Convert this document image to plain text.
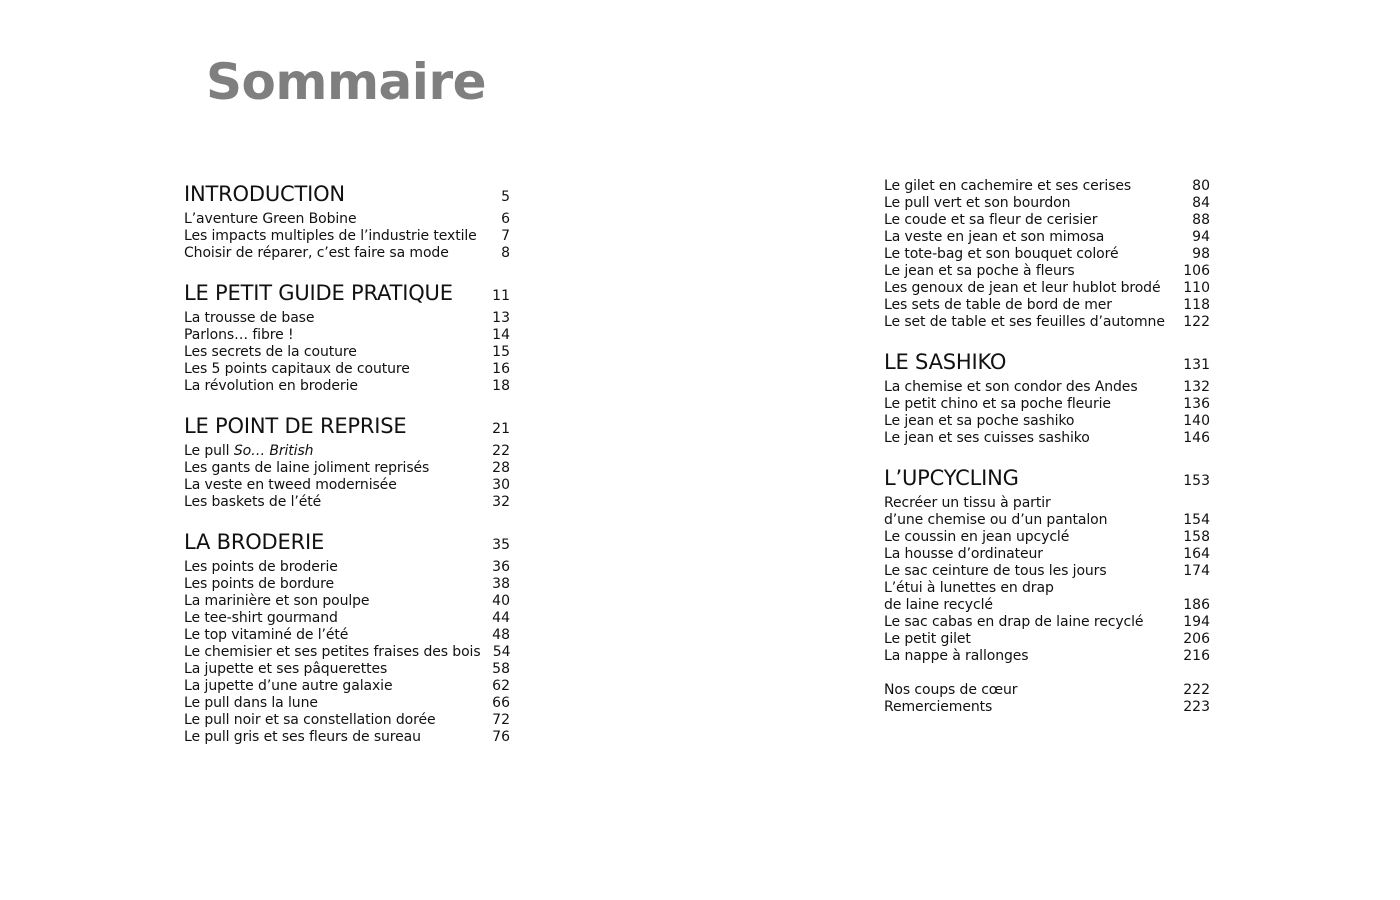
Sommaire
INTRODUCTION	5
L’aventure Green Bobine	6
Les impacts multiples de l’industrie textile	7
Choisir de réparer, c’est faire sa mode	8
LE PETIT GUIDE PRATIQUE	11
La trousse de base	13
Parlons… fibre !	14
Les secrets de la couture	15
Les 5 points capitaux de couture	16
La révolution en broderie	18
LE POINT DE REPRISE	21
Le pull So… British	22
Les gants de laine joliment reprisés	28
La veste en tweed modernisée	30
Les baskets de l’été	32
LA BRODERIE	35
Les points de broderie	36
Les points de bordure	38
La marinière et son poulpe	40
Le tee-shirt gourmand	44
Le top vitaminé de l’été	48
Le chemisier et ses petites fraises des bois 54
La jupette et ses pâquerettes	58
La jupette d’une autre galaxie	62
Le pull dans la lune	66
Le pull noir et sa constellation dorée	72
Le pull gris et ses fleurs de sureau	76
Le gilet en cachemire et ses cerises	80
Le pull vert et son bourdon	84
Le coude et sa fleur de cerisier	88
La veste en jean et son mimosa	94
Le tote-bag et son bouquet coloré	98
Le jean et sa poche à fleurs	106
Les genoux de jean et leur hublot brodé 110
Les sets de table de bord de mer	118
Le set de table et ses feuilles d’automne 122
LE SASHIKO	131
La chemise et son condor des Andes	132
Le petit chino et sa poche fleurie	136
Le jean et sa poche sashiko	140
Le jean et ses cuisses sashiko	146
L’UPCYCLING	153
Recréer un tissu à partir
d’une chemise ou d’un pantalon	154
Le coussin en jean upcyclé	158
La housse d’ordinateur	164
Le sac ceinture de tous les jours	174
L’étui à lunettes en drap
de laine recyclé	186
Le sac cabas en drap de laine recyclé	194
Le petit gilet	206
La nappe à rallonges	216
Nos coups de cœur	222
Remerciements	223
